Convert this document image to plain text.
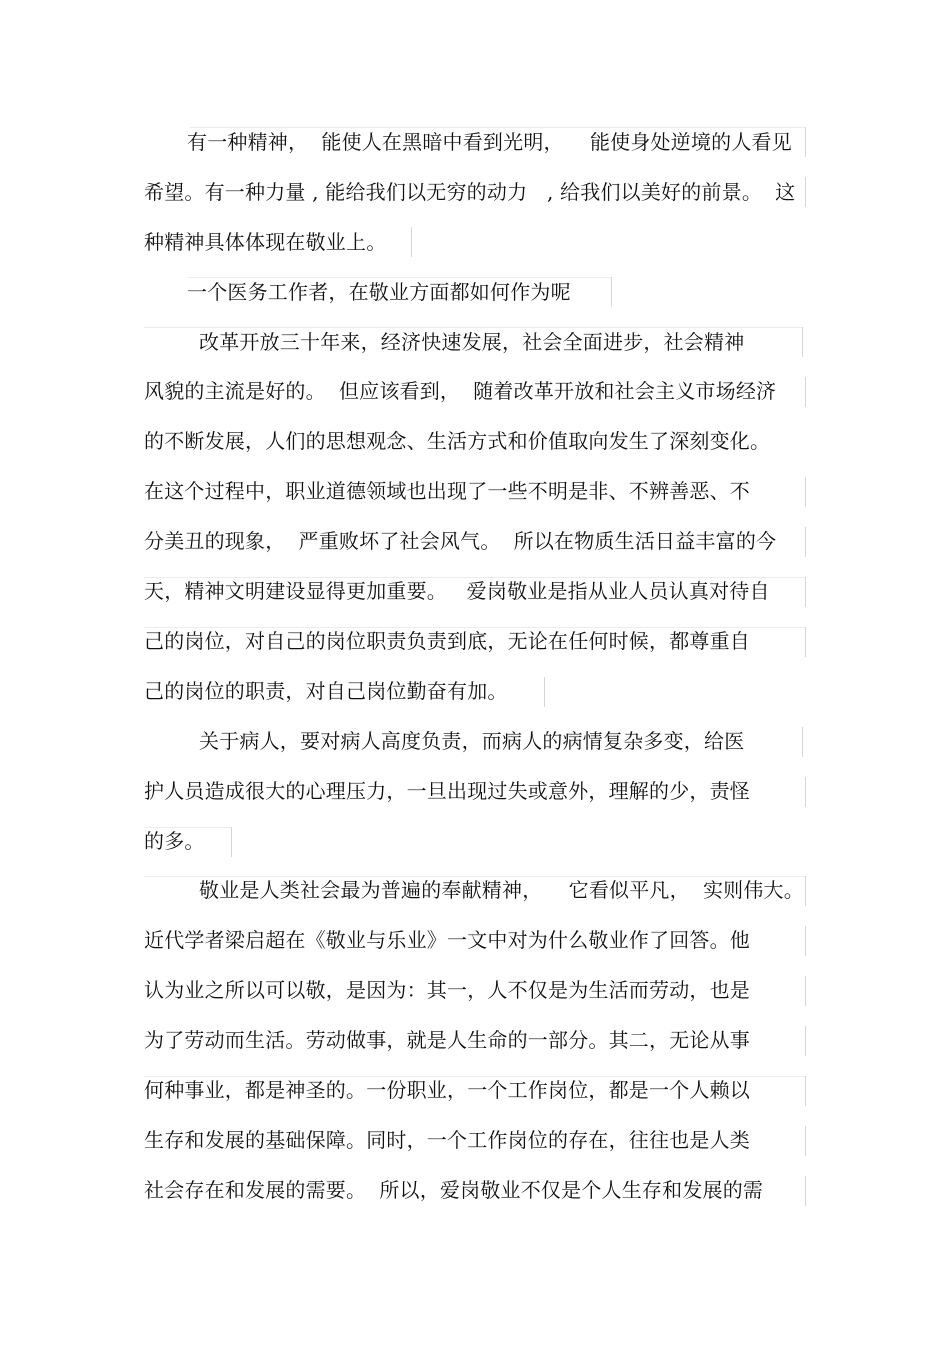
有一种精神，  能使人在黑暗中看到光明，    能使身处逆境的人看见
希望。有一种力量 , 能给我们以无穷的动力   , 给我们以美好的前景。  这
种精神具体体现在敬业上。
一个医务工作者，在敬业方面都如何作为呢
改革开放三十年来，经济快速发展，社会全面进步，社会精神
风貌的主流是好的。  但应该看到，  随着改革开放和社会主义市场经济
的不断发展，人们的思想观念、生活方式和价值取向发生了深刻变化。
在这个过程中，职业道德领域也出现了一些不明是非、不辨善恶、不
分美丑的现象，  严重败坏了社会风气。  所以在物质生活日益丰富的今
天，精神文明建设显得更加重要。   爱岗敬业是指从业人员认真对待自
己的岗位，对自己的岗位职责负责到底，无论在任何时候，都尊重自
己的岗位的职责，对自己岗位勤奋有加。
关于病人，要对病人高度负责，而病人的病情复杂多变，给医
护人员造成很大的心理压力，一旦出现过失或意外，理解的少，责怪
的多。
敬业是人类社会最为普遍的奉献精神，    它看似平凡，  实则伟大。
近代学者梁启超在《敬业与乐业》一文中对为什么敬业作了回答。他
认为业之所以可以敬，是因为：其一，人不仅是为生活而劳动，也是
为了劳动而生活。劳动做事，就是人生命的一部分。其二，无论从事
何种事业，都是神圣的。一份职业，一个工作岗位，都是一个人赖以
生存和发展的基础保障。同时，一个工作岗位的存在，往往也是人类
社会存在和发展的需要。  所以，爱岗敬业不仅是个人生存和发展的需
